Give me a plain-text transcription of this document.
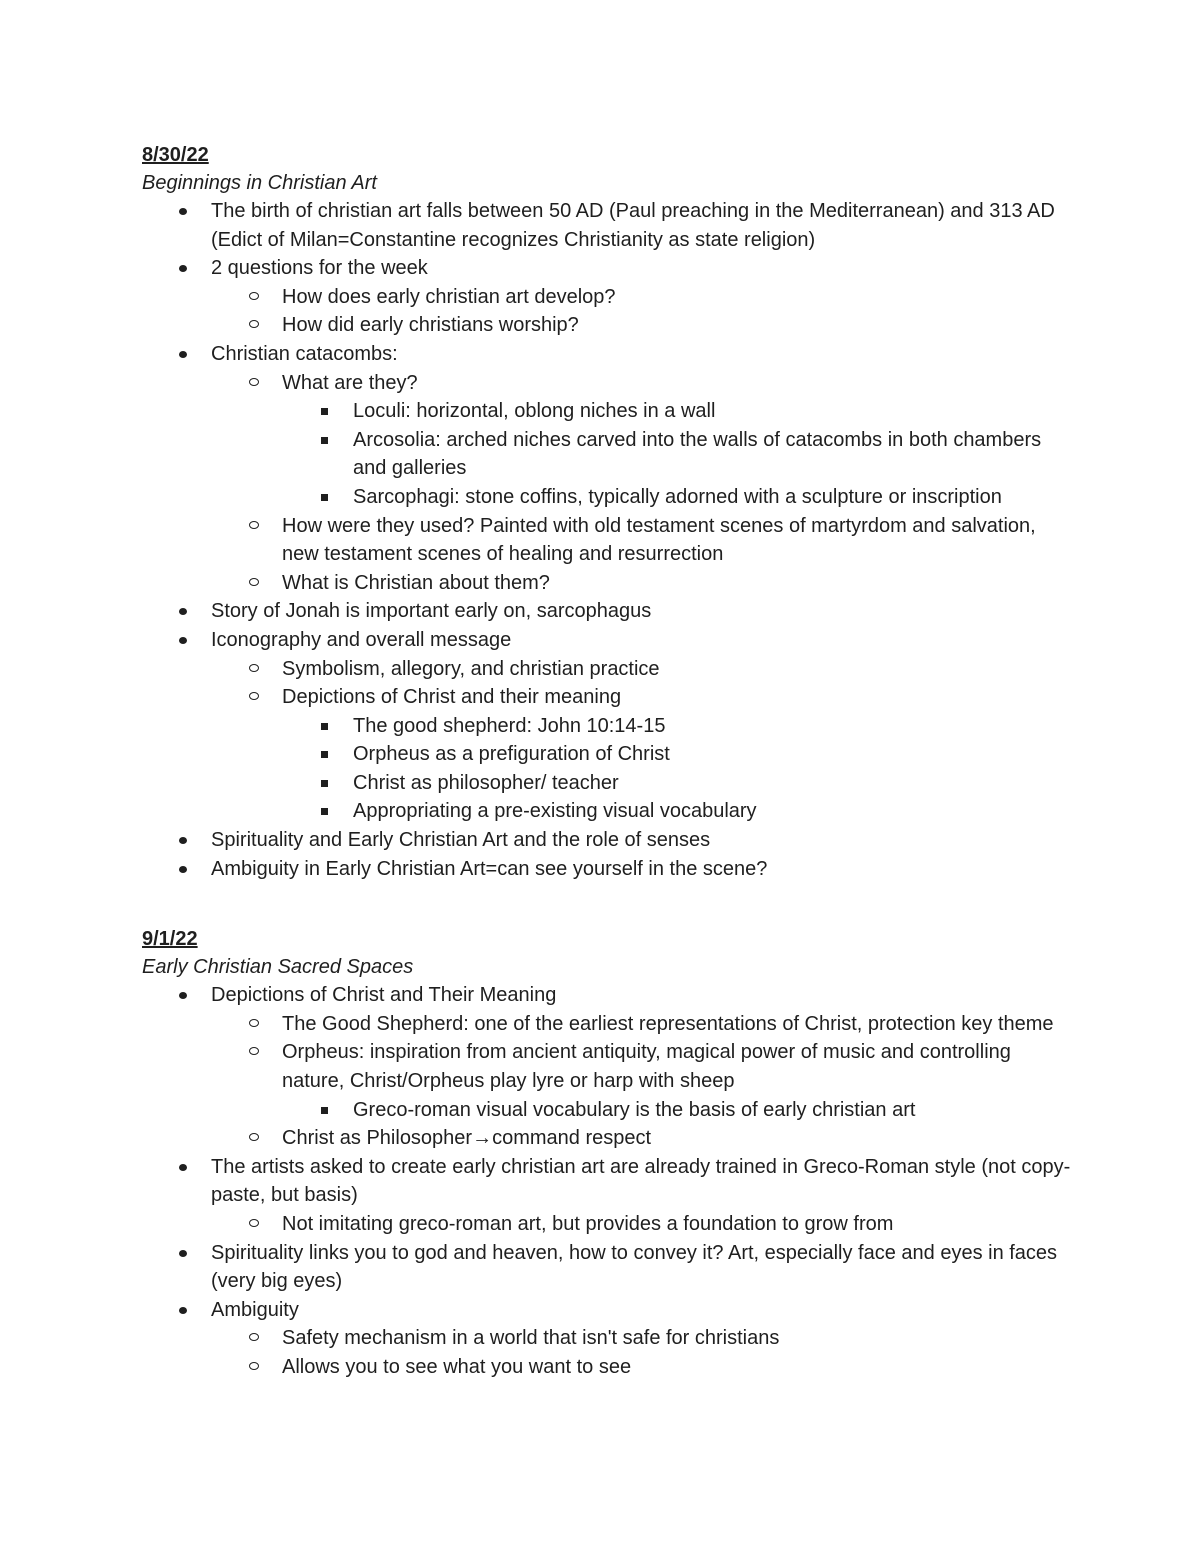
8/30/22

Beginnings in Christian Art

The birth of christian art falls between 50 AD (Paul preaching in the Mediterranean) and 313 AD (Edict of Milan=Constantine recognizes Christianity as state religion)
2 questions for the week
How does early christian art develop?
How did early christians worship?
Christian catacombs:
What are they?
Loculi: horizontal, oblong niches in a wall
Arcosolia: arched niches carved into the walls of catacombs in both chambers and galleries
Sarcophagi: stone coffins, typically adorned with a sculpture or inscription
How were they used? Painted with old testament scenes of martyrdom and salvation, new testament scenes of healing and resurrection
What is Christian about them?
Story of Jonah is important early on, sarcophagus
Iconography and overall message
Symbolism, allegory, and christian practice
Depictions of Christ and their meaning
The good shepherd: John 10:14-15
Orpheus as a prefiguration of Christ
Christ as philosopher/ teacher
Appropriating a pre-existing visual vocabulary
Spirituality and Early Christian Art and the role of senses
Ambiguity in Early Christian Art=can see yourself in the scene?

9/1/22

Early Christian Sacred Spaces

Depictions of Christ and Their Meaning
The Good Shepherd: one of the earliest representations of Christ, protection key theme
Orpheus: inspiration from ancient antiquity, magical power of music and controlling nature, Christ/Orpheus play lyre or harp with sheep
Greco-roman visual vocabulary is the basis of early christian art
Christ as Philosopher→command respect
The artists asked to create early christian art are already trained in Greco-Roman style (not copy-paste, but basis)
Not imitating greco-roman art, but provides a foundation to grow from
Spirituality links you to god and heaven, how to convey it? Art, especially face and eyes in faces (very big eyes)
Ambiguity
Safety mechanism in a world that isn't safe for christians
Allows you to see what you want to see
